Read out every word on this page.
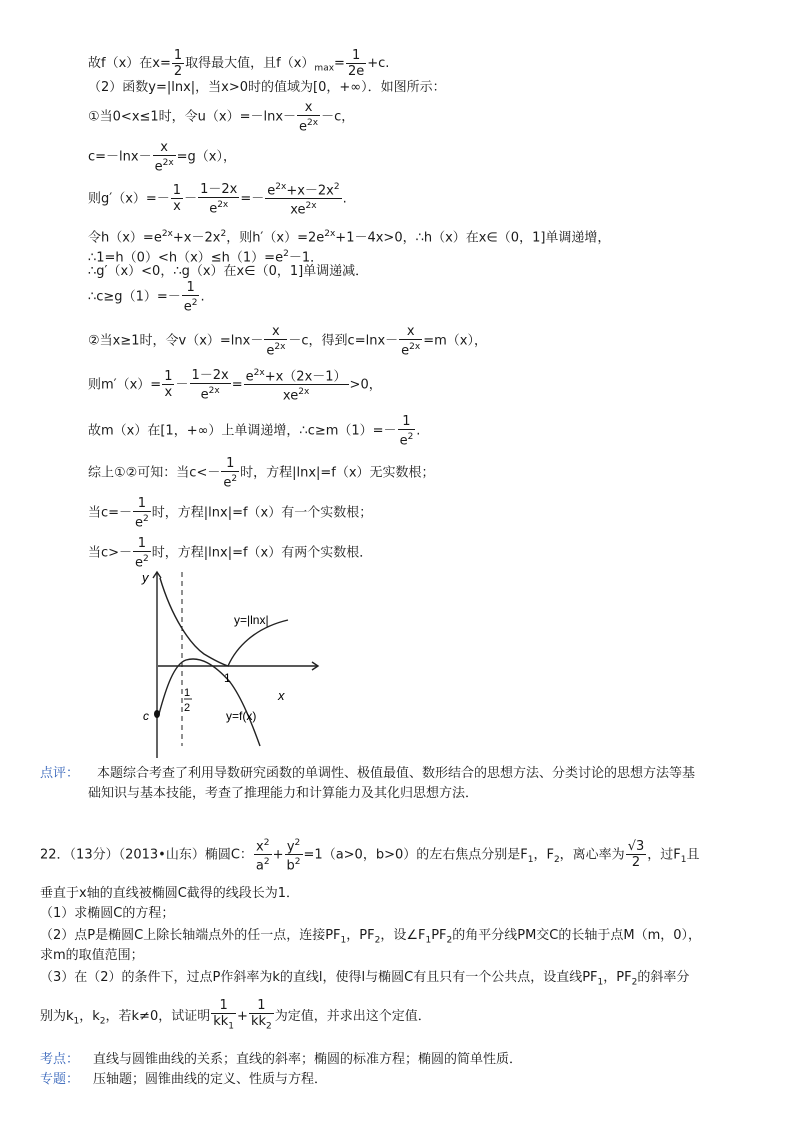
故f（x）在$x= \frac{1}{2}$ 取得最大值，且$f(x)_{max}= \frac{1}{2e} +c$.
（2）函数y=|lnx|，当x>0时的值域为[0，+∞）．如图所示：
①当0<x≤1时，令$u(x)=-\ln x- \frac{x}{e^{2x}} -c$，
$c=-\ln x- \frac{x}{e^{2x}} =g(x)$，
则$g'(x)=- \frac{1}{x} - \frac{1-2x}{e^{2x}} =- \frac{e^{2x}+x-2x^2}{xe^{2x}}$ .
令$h(x)=e^{2x}+x-2x^2$，则$h'(x)=2e^{2x}+1-4x>0$，∴h（x）在x∈（0，1]单调递增，
$\therefore 1=h(0)<h(x)\le h(1)=e^2-1$．
∴g′（x）<0，∴g（x）在x∈（0，1]单调递减．
∴c≥g（1）=－ $\frac{1}{e^2}$ .
②当x≥1时，令$v(x)=\ln x- \frac{x}{e^{2x}} -c$，得到$c=\ln x- \frac{x}{e^{2x}} =m(x)$，
则$m'(x)= \frac{1}{x} - \frac{1-2x}{e^{2x}} = \frac{e^{2x}+x(2x-1)}{xe^{2x}} >0$，
故m（x）在[1，+∞）上单调递增，∴c≥m（1）=－ $\frac{1}{e^2}$ .
综上①②可知：当$c<- \frac{1}{e^2}$ 时，方程|lnx|=f（x）无实数根；
当$c=- \frac{1}{e^2}$ 时，方程|lnx|=f（x）有一个实数根；
当$c>- \frac{1}{e^2}$ 时，方程|lnx|=f（x）有两个实数根．
y
x
y=|lnx|
y=f(x)
1
1
2
c
点评： 本题综合考查了利用导数研究函数的单调性、极值最值、数形结合的思想方法、分类讨论的思想方法等基
础知识与基本技能，考查了推理能力和计算能力及其化归思想方法．
22．（13分）（2013•山东）椭圆C： $\frac{x^2}{a^2} + \frac{y^2}{b^2} =1(a>0$，b>0）的左右焦点分别是$F_1$，$F_2$，离心率为 $\frac{√3}{2}$ ，过$F_1$且
垂直于x轴的直线被椭圆C截得的线段长为1．
（1）求椭圆C的方程；
（2）点P是椭圆C上除长轴端点外的任一点，连接$PF_1$，$PF_2$，设$\angle F_1PF_2$的角平分线PM交C的长轴于点M（m，0），
求m的取值范围；
（3）在（2）的条件下，过点P作斜率为k的直线l，使得l与椭圆C有且只有一个公共点，设直线$PF_1$，$PF_2$的斜率分
别为$k_1$，$k_2$，若k≠0，试证明 $\frac{1}{kk_1} + \frac{1}{kk_2}$ 为定值，并求出这个定值．
考点： 直线与圆锥曲线的关系；直线的斜率；椭圆的标准方程；椭圆的简单性质．
专题： 压轴题；圆锥曲线的定义、性质与方程．
